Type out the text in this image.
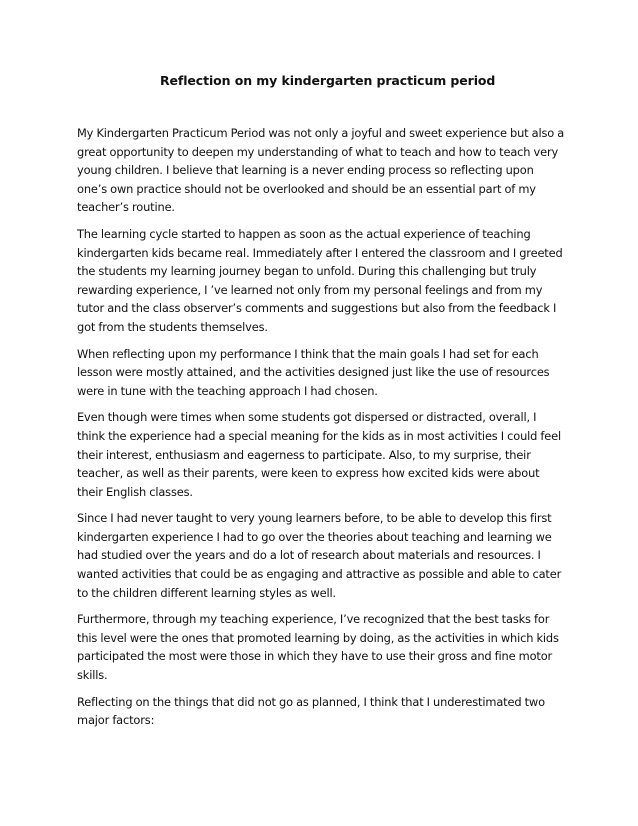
Reflection on my kindergarten practicum period

My Kindergarten Practicum Period was not only a joyful and sweet experience but also a great opportunity to deepen my understanding of what to teach and how to teach very young children. I believe that learning is a never ending process so reflecting upon one’s own practice should not be overlooked and should be an essential part of my teacher’s routine.

The learning cycle started to happen as soon as the actual experience of teaching kindergarten kids became real. Immediately after I entered the classroom and I greeted the students my learning journey began to unfold. During this challenging but truly rewarding experience, I ’ve learned not only from my personal feelings and from my tutor and the class observer’s comments and suggestions but also from the feedback I got from the students themselves.

When reflecting upon my performance I think that the main goals I had set for each lesson were mostly attained, and the activities designed just like the use of resources were in tune with the teaching approach I had chosen.

Even though were times when some students got dispersed or distracted, overall, I think the experience had a special meaning for the kids as in most activities I could feel their interest, enthusiasm and eagerness to participate. Also, to my surprise, their teacher, as well as their parents, were keen to express how excited kids were about their English classes.

Since I had never taught to very young learners before, to be able to develop this first kindergarten experience I had to go over the theories about teaching and learning we had studied over the years and do a lot of research about materials and resources. I wanted activities that could be as engaging and attractive as possible and able to cater to the children different learning styles as well.

Furthermore, through my teaching experience, I’ve recognized that the best tasks for this level were the ones that promoted learning by doing, as the activities in which kids participated the most were those in which they have to use their gross and fine motor skills.

Reflecting on the things that did not go as planned, I think that I underestimated two major factors:
